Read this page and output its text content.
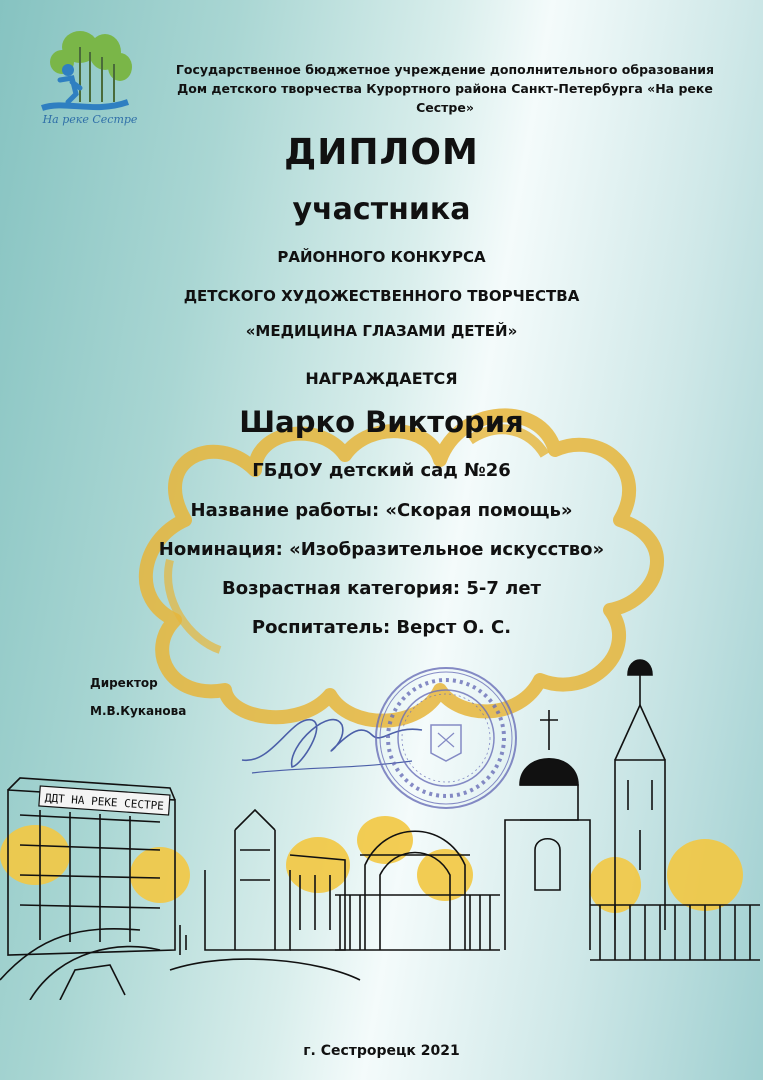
На реке Сестре
Государственное бюджетное учреждение дополнительного образования
Дом детского творчества Курортного района Санкт-Петербурга «На реке Сестре»
ДИПЛОМ
участника
РАЙОННОГО КОНКУРСА
ДЕТСКОГО ХУДОЖЕСТВЕННОГО ТВОРЧЕСТВА
«МЕДИЦИНА ГЛАЗАМИ ДЕТЕЙ»
НАГРАЖДАЕТСЯ
Шарко Виктория
ГБДОУ детский сад №26
Название работы: «Скорая помощь»
Номинация: «Изобразительное искусство»
Возрастная категория: 5-7 лет
Роспитатель: Верст О. С.
Директор
М.В.Куканова
ДДТ НА РЕКЕ СЕСТРЕ
г. Сестрорецк 2021
